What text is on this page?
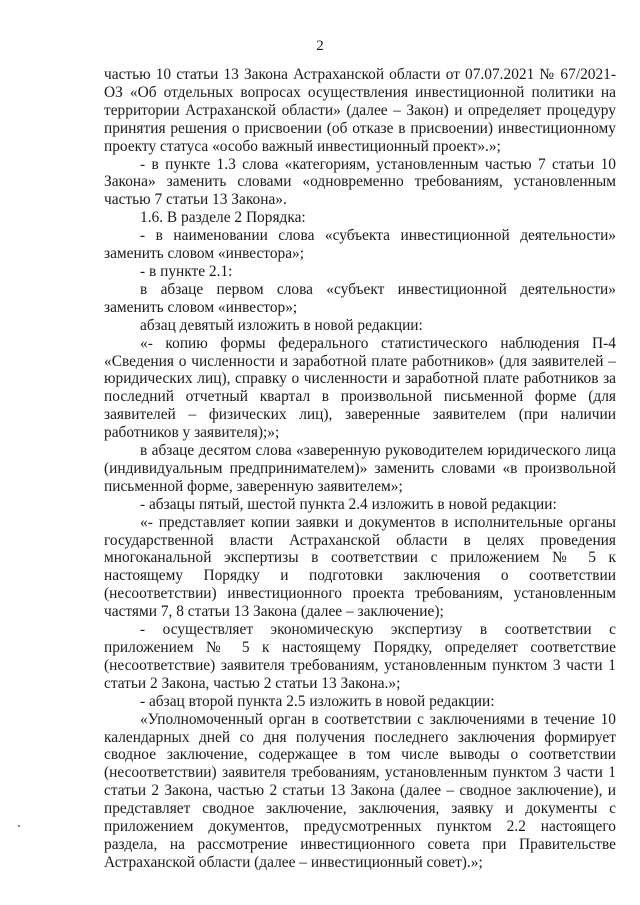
2

частью 10 статьи 13 Закона Астраханской области от 07.07.2021 № 67/2021-ОЗ «Об отдельных вопросах осуществления инвестиционной политики на территории Астраханской области» (далее – Закон) и определяет процедуру принятия решения о присвоении (об отказе в присвоении) инвестиционному проекту статуса «особо важный инвестиционный проект».»;

- в пункте 1.3 слова «категориям, установленным частью 7 статьи 10 Закона» заменить словами «одновременно требованиям, установленным частью 7 статьи 13 Закона».

1.6. В разделе 2 Порядка:

- в наименовании слова «субъекта инвестиционной деятельности» заменить словом «инвестора»;

- в пункте 2.1:

в абзаце первом слова «субъект инвестиционной деятельности» заменить словом «инвестор»;

абзац девятый изложить в новой редакции:

«- копию формы федерального статистического наблюдения П-4 «Сведения о численности и заработной плате работников» (для заявителей – юридических лиц), справку о численности и заработной плате работников за последний отчетный квартал в произвольной письменной форме (для заявителей – физических лиц), заверенные заявителем (при наличии работников у заявителя);»;

в абзаце десятом слова «заверенную руководителем юридического лица (индивидуальным предпринимателем)» заменить словами «в произвольной письменной форме, заверенную заявителем»;

- абзацы пятый, шестой пункта 2.4 изложить в новой редакции:

«- представляет копии заявки и документов в исполнительные органы государственной власти Астраханской области в целях проведения многоканальной экспертизы в соответствии с приложением № 5 к настоящему Порядку и подготовки заключения о соответствии (несоответствии) инвестиционного проекта требованиям, установленным частями 7, 8 статьи 13 Закона (далее – заключение);

- осуществляет экономическую экспертизу в соответствии с приложением № 5 к настоящему Порядку, определяет соответствие (несоответствие) заявителя требованиям, установленным пунктом 3 части 1 статьи 2 Закона, частью 2 статьи 13 Закона.»;

- абзац второй пункта 2.5 изложить в новой редакции:

«Уполномоченный орган в соответствии с заключениями в течение 10 календарных дней со дня получения последнего заключения формирует сводное заключение, содержащее в том числе выводы о соответствии (несоответствии) заявителя требованиям, установленным пунктом 3 части 1 статьи 2 Закона, частью 2 статьи 13 Закона (далее – сводное заключение), и представляет сводное заключение, заключения, заявку и документы с приложением документов, предусмотренных пунктом 2.2 настоящего раздела, на рассмотрение инвестиционного совета при Правительстве Астраханской области (далее – инвестиционный совет).»;
